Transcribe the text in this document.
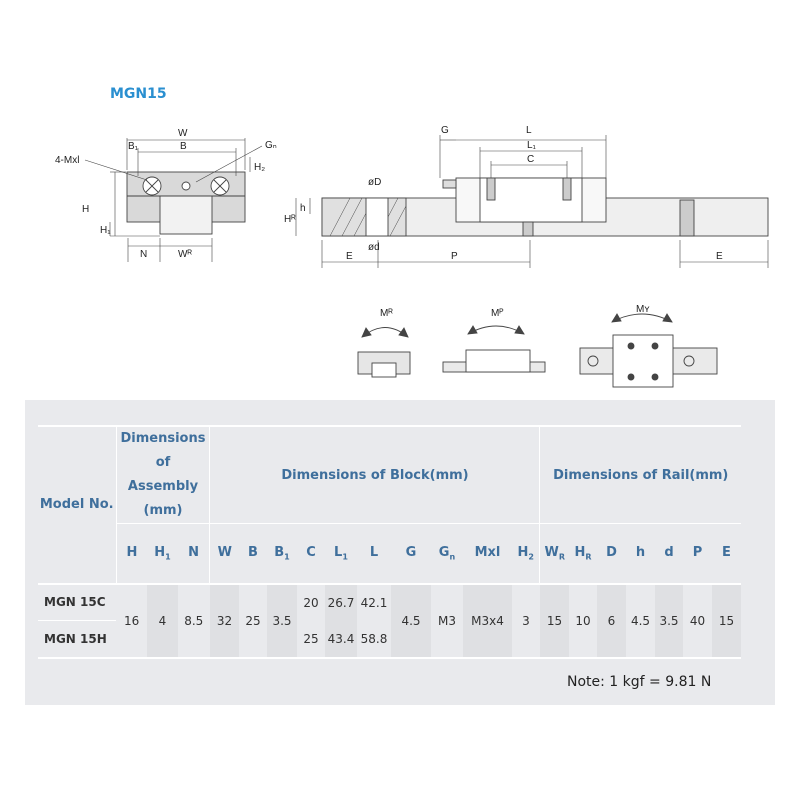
MGN15
W
B
B₁	Gₙ
H₂
4-Mxl
H
H₁
N	Wᴿ
G	L
L₁
C
Hᴿ
h
øD
ød
E	P	E
Mᴿ	Mᴾ	Mʏ
Model No.	Dimensions of Assembly (mm)			Dimensions of Block(mm)										Dimensions of Rail(mm)						
	H	$H_1$	N	W	B	$B_1$	C	$L_1$	L	G	$G_n$	Mxl	$H_2$	$W_R$	$H_R$	D	h	d	P	E
MGN 15C	16	4	8.5	32	25	3.5	20	26.7	42.1	4.5	M3	M3x4	3	15	10	6	4.5	3.5	40	15
MGN 15H							25	43.4	58.8											
Note: 1 kgf = 9.81 N
